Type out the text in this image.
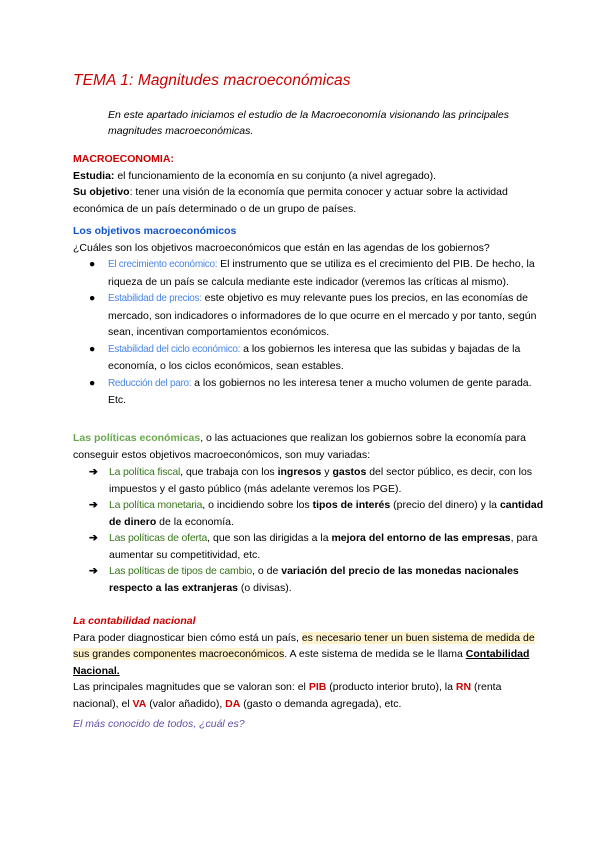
TEMA 1: Magnitudes macroeconómicas
En este apartado iniciamos el estudio de la Macroeconomía visionando las principales magnitudes macroeconómicas.
MACROECONOMIA:
Estudia: el funcionamiento de la economía en su conjunto (a nivel agregado).
Su objetivo: tener una visión de la economía que permita conocer y actuar sobre la actividad económica de un país determinado o de un grupo de países.
Los objetivos macroeconómicos
¿Cuáles son los objetivos macroeconómicos que están en las agendas de los gobiernos?
● El crecimiento económico: El instrumento que se utiliza es el crecimiento del PIB. De hecho, la riqueza de un país se calcula mediante este indicador (veremos las críticas al mismo).
● Estabilidad de precios: este objetivo es muy relevante pues los precios, en las economías de mercado, son indicadores o informadores de lo que ocurre en el mercado y por tanto, según sean, incentivan comportamientos económicos.
● Estabilidad del ciclo económico: a los gobiernos les interesa que las subidas y bajadas de la economía, o los ciclos económicos, sean estables.
● Reducción del paro: a los gobiernos no les interesa tener a mucho volumen de gente parada.
Etc.
Las políticas económicas, o las actuaciones que realizan los gobiernos sobre la economía para conseguir estos objetivos macroeconómicos, son muy variadas:
➔ La política fiscal, que trabaja con los ingresos y gastos del sector público, es decir, con los impuestos y el gasto público (más adelante veremos los PGE).
➔ La política monetaria, o incidiendo sobre los tipos de interés (precio del dinero) y la cantidad de dinero de la economía.
➔ Las políticas de oferta, que son las dirigidas a la mejora del entorno de las empresas, para aumentar su competitividad, etc.
➔ Las políticas de tipos de cambio, o de variación del precio de las monedas nacionales respecto a las extranjeras (o divisas).
La contabilidad nacional
Para poder diagnosticar bien cómo está un país, es necesario tener un buen sistema de medida de sus grandes componentes macroeconómicos. A este sistema de medida se le llama Contabilidad Nacional.
Las principales magnitudes que se valoran son: el PIB (producto interior bruto), la RN (renta nacional), el VA (valor añadido), DA (gasto o demanda agregada), etc.
El más conocido de todos, ¿cuál es?
